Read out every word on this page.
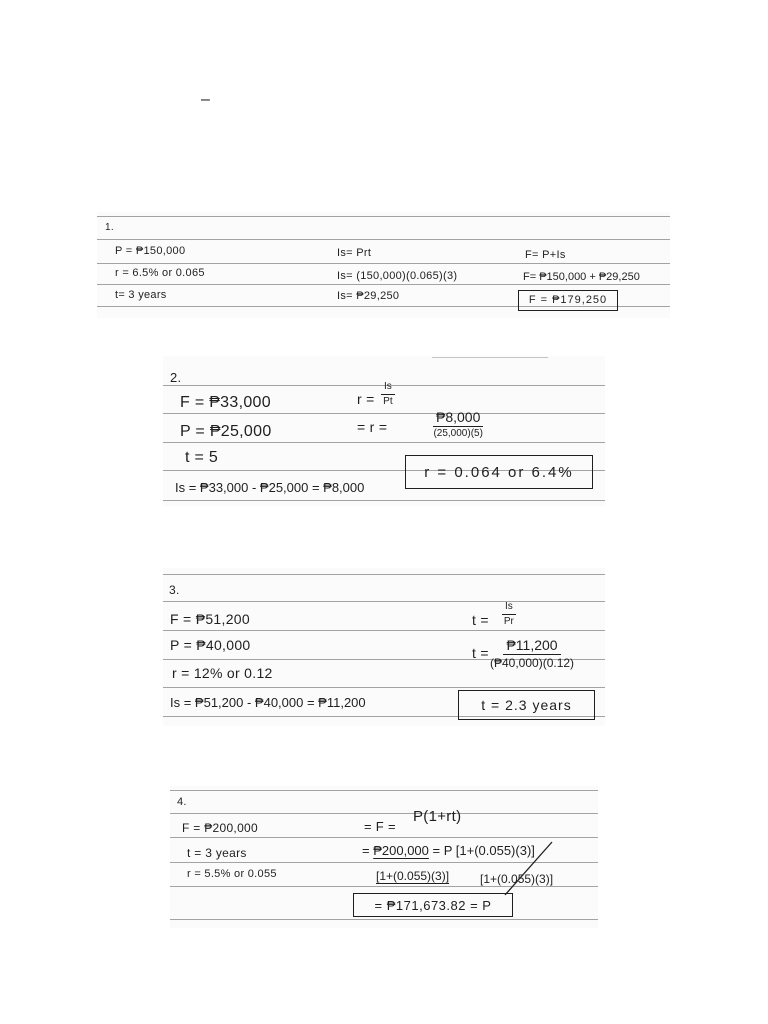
–
1.
P = ₱150,000
r = 6.5% or 0.065
t= 3 years
Is= Prt
Is= (150,000)(0.065)(3)
Is= ₱29,250
F= P+Is
F= ₱150,000 + ₱29,250
F = ₱179,250
2.
F = ₱33,000
P = ₱25,000
t = 5
Is = ₱33,000 - ₱25,000 = ₱8,000
$r = \frac{Is}{Pt}$
= r =
₱8,000
(25,000)(5)
r = 0.064 or 6.4%
3.
F = ₱51,200
P = ₱40,000
r = 12% or 0.12
Is = ₱51,200 - ₱40,000 = ₱11,200
$t = \frac{Is}{Pr}$
$t = \frac{₱11,200}{(₱40,000)(0.12)}$
t = 2.3 years
4.
F = ₱200,000
t = 3 years
r = 5.5% or 0.055
= F =
P(1+rt)
= ₱200,000 = P [1+(0.055)(3)]
[1+(0.055)(3)]	[1+(0.055)(3)]
= ₱171,673.82 = P
